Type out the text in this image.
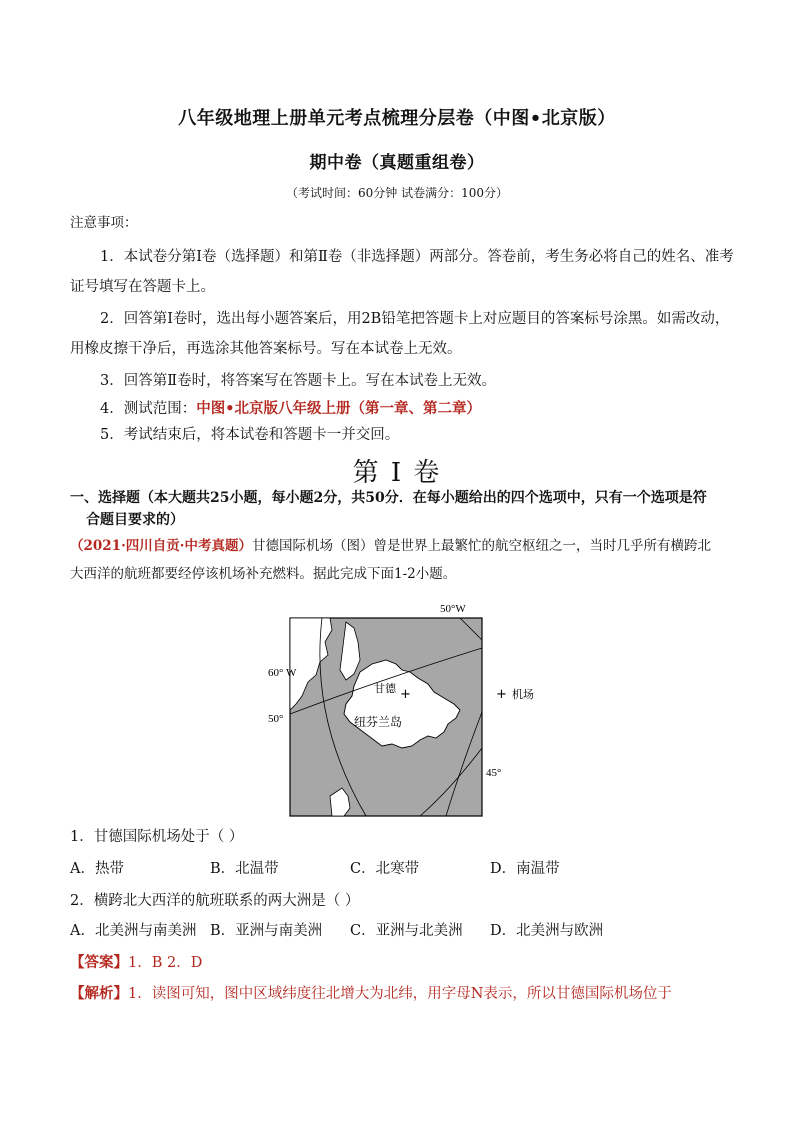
八年级地理上册单元考点梳理分层卷（中图•北京版）
期中卷（真题重组卷）
（考试时间：60分钟 试卷满分：100分）
注意事项：
1．本试卷分第Ⅰ卷（选择题）和第Ⅱ卷（非选择题）两部分。答卷前，考生务必将自己的姓名、准考
证号填写在答题卡上。
2．回答第Ⅰ卷时，选出每小题答案后，用2B铅笔把答题卡上对应题目的答案标号涂黑。如需改动，
用橡皮擦干净后，再选涂其他答案标号。写在本试卷上无效。
3．回答第Ⅱ卷时，将答案写在答题卡上。写在本试卷上无效。
4．测试范围：中图•北京版八年级上册（第一章、第二章）
5．考试结束后，将本试卷和答题卡一并交回。
第 I 卷
一、选择题（本大题共25小题，每小题2分，共50分．在每小题给出的四个选项中，只有一个选项是符
合题目要求的）
（2021·四川自贡·中考真题）甘德国际机场（图）曾是世界上最繁忙的航空枢纽之一，当时几乎所有横跨北
大西洋的航班都要经停该机场补充燃料。据此完成下面1-2小题。
+
50°W
60° W
50°
45°
甘德
纽芬兰岛
+ 机场
1．甘德国际机场处于（ ）
A．热带	B．北温带	C．北寒带	D．南温带
2．横跨北大西洋的航班联系的两大洲是（ ）
A．北美洲与南美洲 B．亚洲与南美洲 C．亚洲与北美洲 D．北美洲与欧洲
【答案】1．B 2．D
【解析】1．读图可知，图中区域纬度往北增大为北纬，用字母N表示，所以甘德国际机场位于
